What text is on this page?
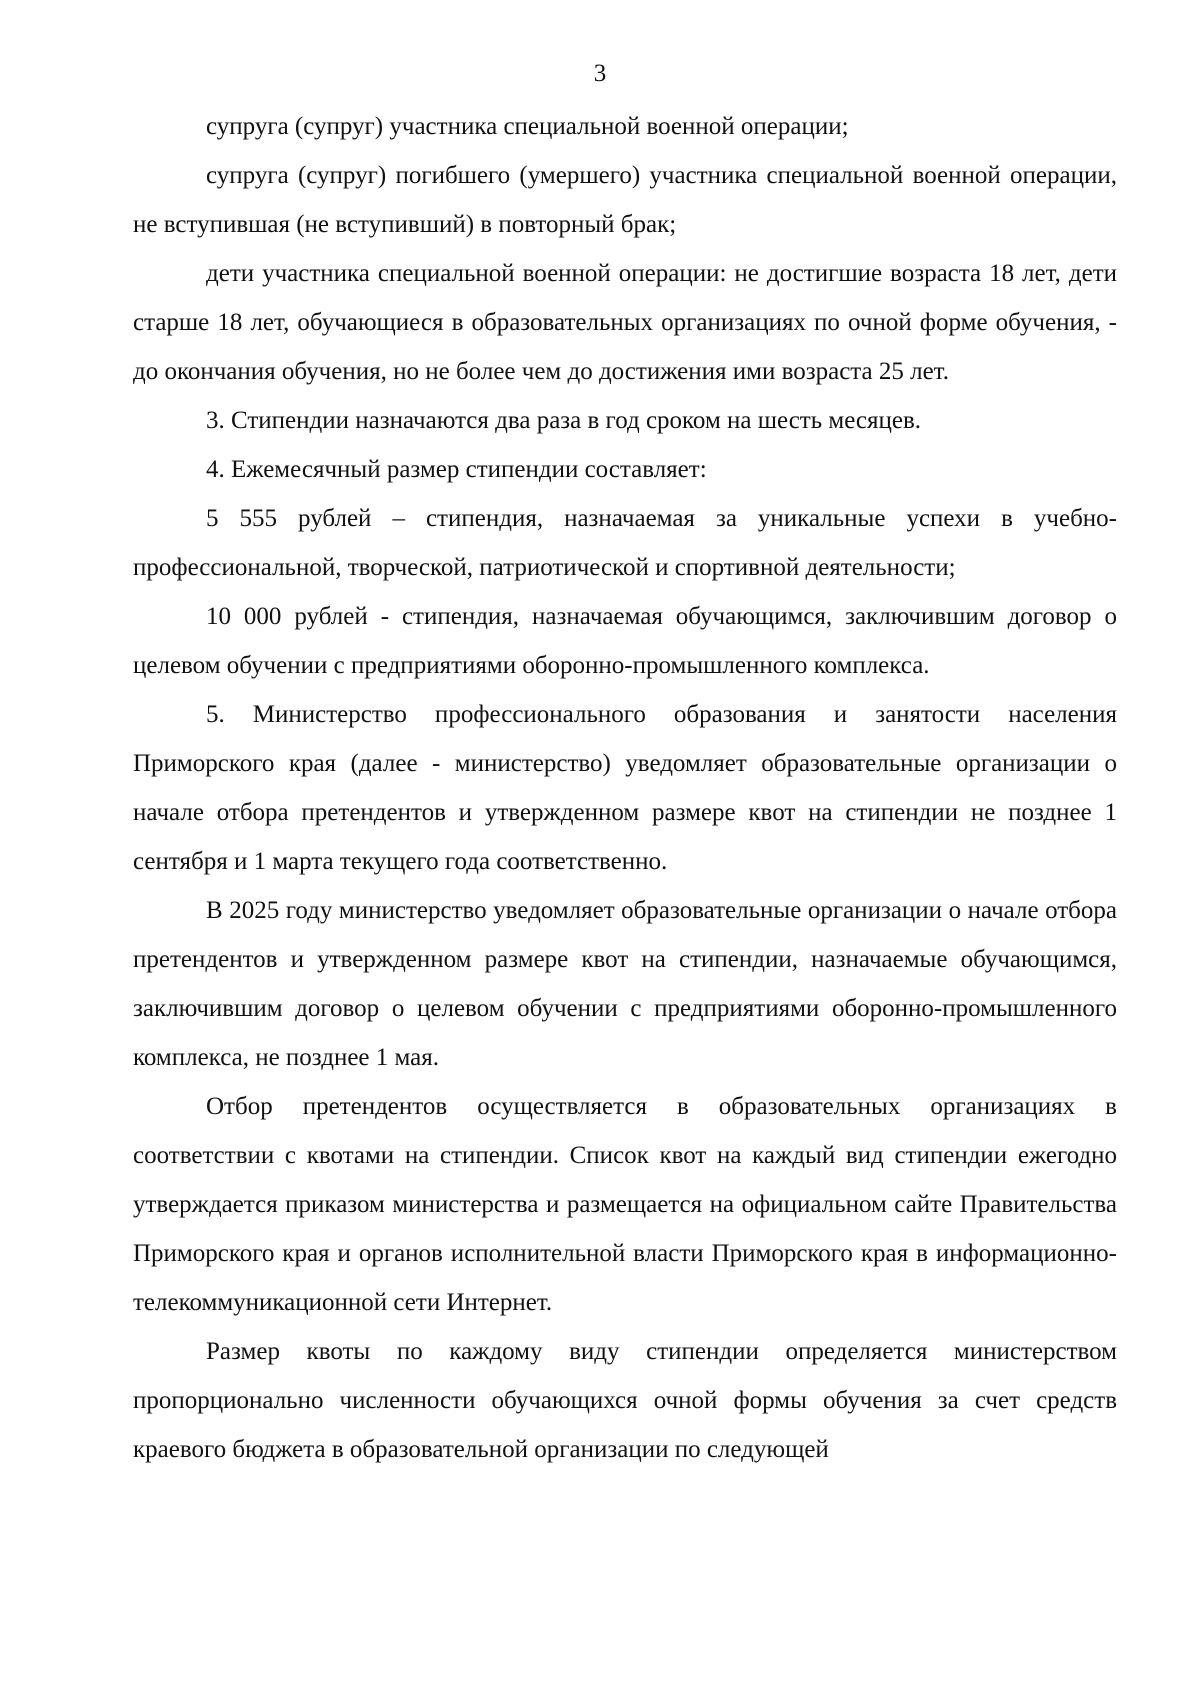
3

супруга (супруг) участника специальной военной операции;

супруга (супруг) погибшего (умершего) участника специальной военной операции, не вступившая (не вступивший) в повторный брак;

дети участника специальной военной операции: не достигшие возраста 18 лет, дети старше 18 лет, обучающиеся в образовательных организациях по очной форме обучения, - до окончания обучения, но не более чем до достижения ими возраста 25 лет.

3. Стипендии назначаются два раза в год сроком на шесть месяцев.

4. Ежемесячный размер стипендии составляет:

5 555 рублей – стипендия, назначаемая за уникальные успехи в учебно-профессиональной, творческой, патриотической и спортивной деятельности;

10 000 рублей - стипендия, назначаемая обучающимся, заключившим договор о целевом обучении с предприятиями оборонно-промышленного комплекса.

5. Министерство профессионального образования и занятости населения Приморского края (далее - министерство) уведомляет образовательные организации о начале отбора претендентов и утвержденном размере квот на стипендии не позднее 1 сентября и 1 марта текущего года соответственно.

В 2025 году министерство уведомляет образовательные организации о начале отбора претендентов и утвержденном размере квот на стипендии, назначаемые обучающимся, заключившим договор о целевом обучении с предприятиями оборонно-промышленного комплекса, не позднее 1 мая.

Отбор претендентов осуществляется в образовательных организациях в соответствии с квотами на стипендии. Список квот на каждый вид стипендии ежегодно утверждается приказом министерства и размещается на официальном сайте Правительства Приморского края и органов исполнительной власти Приморского края в информационно-телекоммуникационной сети Интернет.

Размер квоты по каждому виду стипендии определяется министерством пропорционально численности обучающихся очной формы обучения за счет средств краевого бюджета в образовательной организации по следующей
